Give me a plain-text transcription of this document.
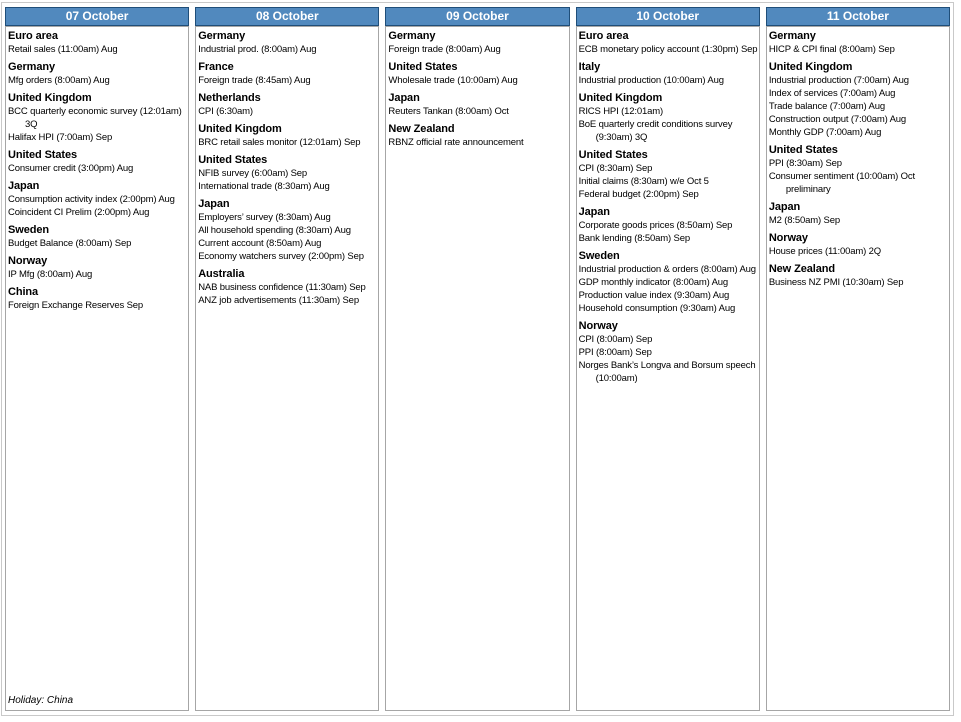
07 October
Euro area
Retail sales (11:00am) Aug
Germany
Mfg orders (8:00am) Aug
United Kingdom
BCC quarterly economic survey (12:01am) 3Q
Halifax HPI (7:00am) Sep
United States
Consumer credit (3:00pm) Aug
Japan
Consumption activity index (2:00pm) Aug
Coincident CI Prelim (2:00pm) Aug
Sweden
Budget Balance (8:00am) Sep
Norway
IP Mfg (8:00am) Aug
China
Foreign Exchange Reserves Sep
Holiday: China
08 October
Germany
Industrial prod. (8:00am) Aug
France
Foreign trade (8:45am) Aug
Netherlands
CPI (6:30am)
United Kingdom
BRC retail sales monitor (12:01am) Sep
United States
NFIB survey (6:00am) Sep
International trade (8:30am) Aug
Japan
Employers’ survey (8:30am) Aug
All household spending (8:30am) Aug
Current account (8:50am) Aug
Economy watchers survey (2:00pm) Sep
Australia
NAB business confidence (11:30am) Sep
ANZ job advertisements (11:30am) Sep
09 October
Germany
Foreign trade (8:00am) Aug
United States
Wholesale trade (10:00am) Aug
Japan
Reuters Tankan (8:00am) Oct
New Zealand
RBNZ official rate announcement
10 October
Euro area
ECB monetary policy account (1:30pm) Sep
Italy
Industrial production (10:00am) Aug
United Kingdom
RICS HPI (12:01am)
BoE quarterly credit conditions survey (9:30am) 3Q
United States
CPI (8:30am) Sep
Initial claims (8:30am) w/e Oct 5
Federal budget (2:00pm) Sep
Japan
Corporate goods prices (8:50am) Sep
Bank lending (8:50am) Sep
Sweden
Industrial production & orders (8:00am) Aug
GDP monthly indicator (8:00am) Aug
Production value index (9:30am) Aug
Household consumption (9:30am) Aug
Norway
CPI (8:00am) Sep
PPI (8:00am) Sep
Norges Bank’s Longva and Borsum speech (10:00am)
11 October
Germany
HICP & CPI final (8:00am) Sep
United Kingdom
Industrial production (7:00am) Aug
Index of services (7:00am) Aug
Trade balance (7:00am) Aug
Construction output (7:00am) Aug
Monthly GDP (7:00am) Aug
United States
PPI (8:30am) Sep
Consumer sentiment (10:00am) Oct preliminary
Japan
M2 (8:50am) Sep
Norway
House prices (11:00am) 2Q
New Zealand
Business NZ PMI (10:30am) Sep
